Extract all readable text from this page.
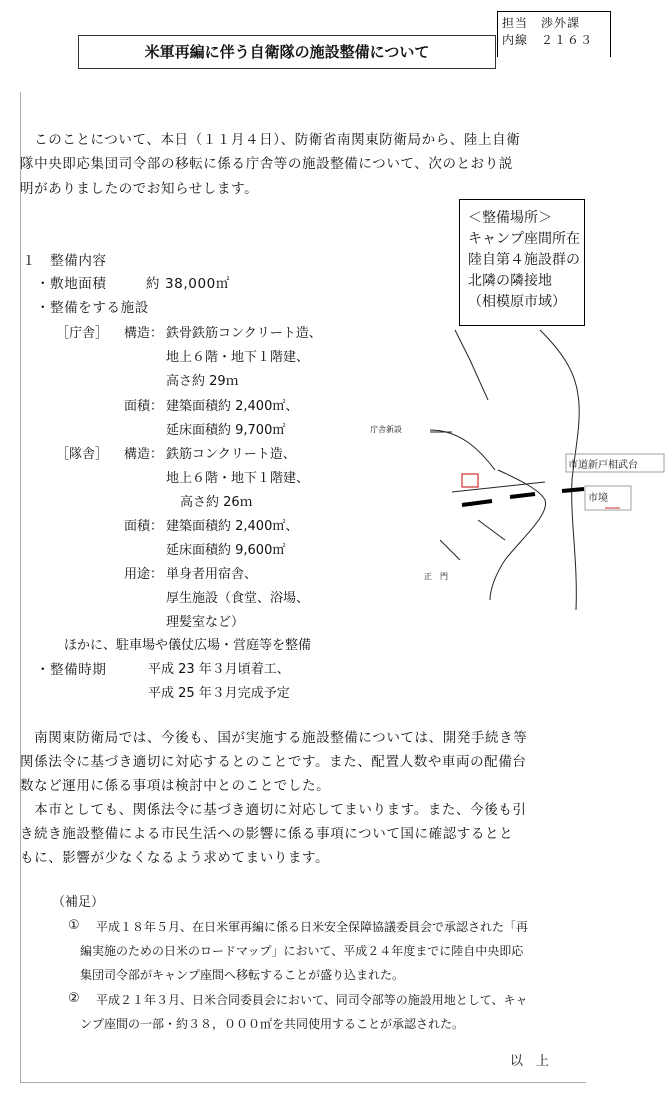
担当　渉外課
内線　２１６３
米軍再編に伴う自衛隊の施設整備について
　このことについて、本日（１１月４日）、防衛省南関東防衛局から、陸上自衛
隊中央即応集団司令部の移転に係る庁舎等の施設整備について、次のとおり説
明がありましたのでお知らせします。
１　整備内容
・敷地面積	約 38,000㎡
・整備をする施設
［庁舎］ 構造： 鉄骨鉄筋コンクリート造、
地上６階・地下１階建、
高さ約 29ｍ
面積： 建築面積約 2,400㎡、
延床面積約 9,700㎡
［隊舎］ 構造： 鉄筋コンクリート造、
地上６階・地下１階建、
高さ約 26ｍ
面積： 建築面積約 2,400㎡、
延床面積約 9,600㎡
用途： 単身者用宿舎、
厚生施設（食堂、浴場、
理髪室など）
ほかに、駐車場や儀仗広場・営庭等を整備
・整備時期	平成 23 年３月頃着工、
平成 25 年３月完成予定
　南関東防衛局では、今後も、国が実施する施設整備については、開発手続き等
関係法令に基づき適切に対応するとのことです。また、配置人数や車両の配備台
数など運用に係る事項は検討中とのことでした。
　本市としても、関係法令に基づき適切に対応してまいります。また、今後も引
き続き施設整備による市民生活への影響に係る事項について国に確認するとと
もに、影響が少なくなるよう求めてまいります。
（補足）
① 平成１８年５月、在日米軍再編に係る日米安全保障協議委員会で承認された「再
編実施のための日米のロードマップ」において、平成２４年度までに陸自中央即応
集団司令部がキャンプ座間へ移転することが盛り込まれた。
② 平成２１年３月、日米合同委員会において、同司令部等の施設用地として、キャ
ンプ座間の一部・約３８，０００㎡を共同使用することが承認された。
以　上
＜整備場所＞
キャンプ座間所在
陸自第４施設群の
北隣の隣接地
（相模原市域）
庁舎新設
市道新戸相武台
市境
正　門
